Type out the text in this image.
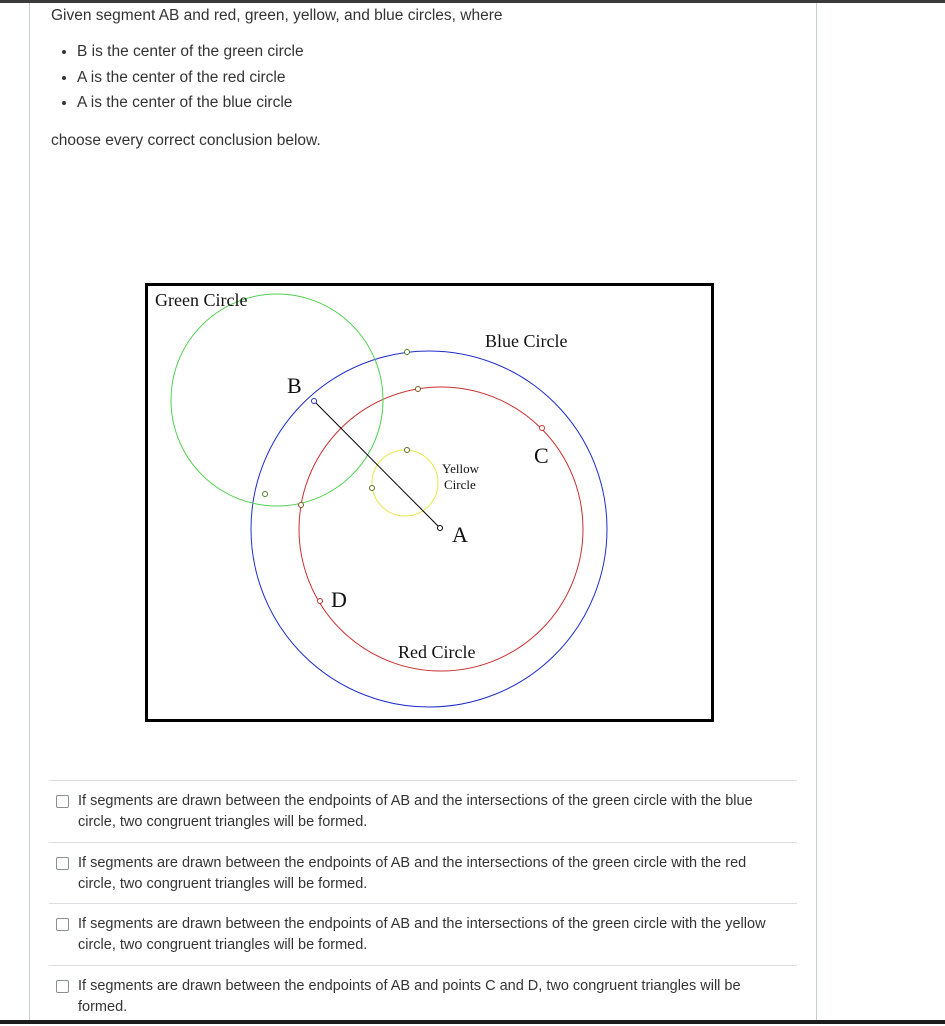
Given segment AB and red, green, yellow, and blue circles, where

• B is the center of the green circle
• A is the center of the red circle
• A is the center of the blue circle

choose every correct conclusion below.

Green Circle
Blue Circle
Yellow
Circle
Red Circle
A
B
C
D
If segments are drawn between the endpoints of AB and the intersections of the green circle with the blue circle, two congruent triangles will be formed.
If segments are drawn between the endpoints of AB and the intersections of the green circle with the red circle, two congruent triangles will be formed.
If segments are drawn between the endpoints of AB and the intersections of the green circle with the yellow circle, two congruent triangles will be formed.
If segments are drawn between the endpoints of AB and points C and D, two congruent triangles will be formed.
